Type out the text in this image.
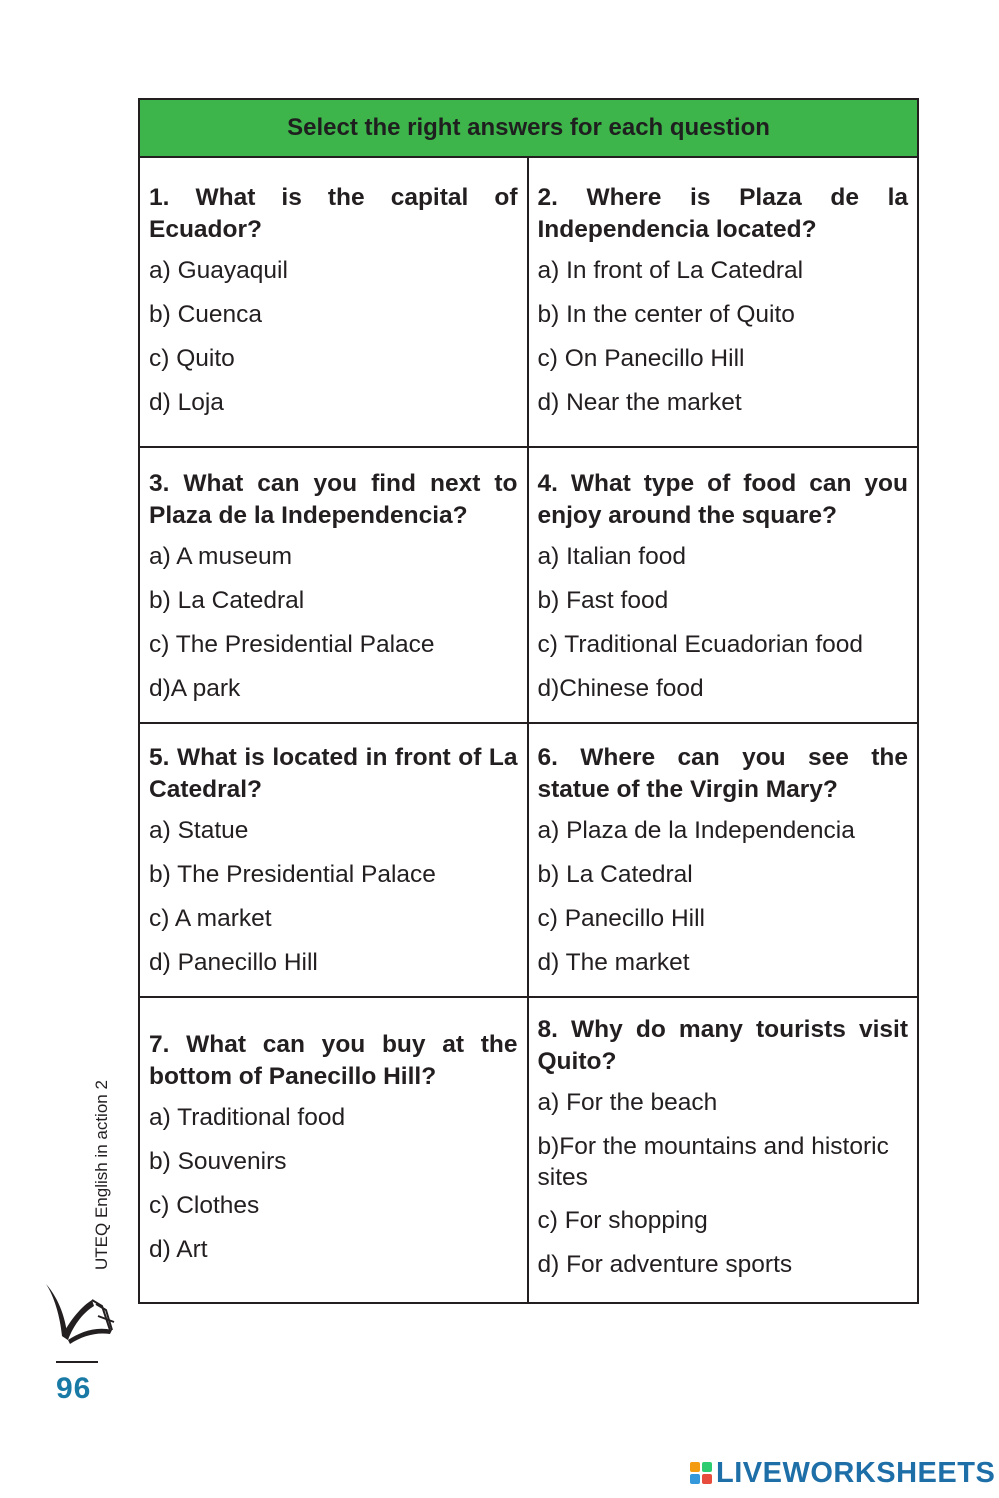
Select the right answers for each question
1. What is the capital of Ecuador?
a) Guayaquil
b) Cuenca
c) Quito
d) Loja
2. Where is Plaza de la Independencia located?
a) In front of La Catedral
b) In the center of Quito
c) On Panecillo Hill
d) Near the market
3. What can you find next to Plaza de la Independencia?
a) A museum
b) La Catedral
c) The Presidential Palace
d)A park
4. What type of food can you enjoy around the square?
a) Italian food
b) Fast food
c) Traditional Ecuadorian food
d)Chinese food
5. What is located in front of La Catedral?
a) Statue
b) The Presidential Palace
c) A market
d) Panecillo Hill
6. Where can you see the statue of the Virgin Mary?
a) Plaza de la Independencia
b) La Catedral
c) Panecillo Hill
d) The market
7. What can you buy at the bottom of Panecillo Hill?
a) Traditional food
b) Souvenirs
c) Clothes
d) Art
8. Why do many tourists visit Quito?
a) For the beach
b)For the mountains and historic sites
c) For shopping
d) For adventure sports
UTEQ English in action 2
96
LIVEWORKSHEETS
